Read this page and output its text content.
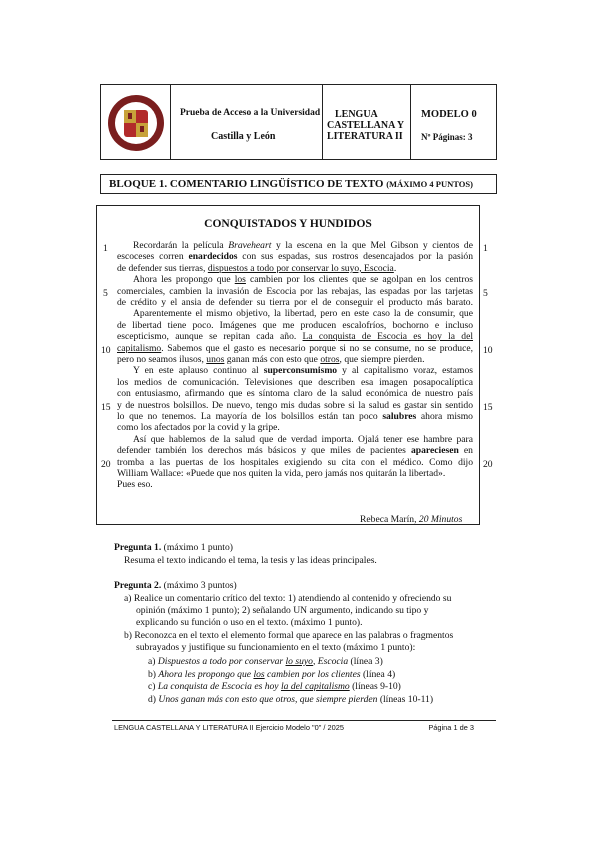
Prueba de Acceso a la Universidad
Castilla y León
LENGUA
CASTELLANA Y
LITERATURA II
MODELO 0
Nº Páginas: 3
BLOQUE 1. COMENTARIO LINGÜÍSTICO DE TEXTO (MÁXIMO 4 PUNTOS)
CONQUISTADOS Y HUNDIDOS
1
5
10
15
20
1
5
10
15
20
Recordarán la película Braveheart y la escena en la que Mel Gibson y cientos de
escoceses corren enardecidos con sus espadas, sus rostros desencajados por la pasión
de defender sus tierras, dispuestos a todo por conservar lo suyo, Escocia.
Ahora les propongo que los cambien por los clientes que se agolpan en los centros
comerciales, cambien la invasión de Escocia por las rebajas, las espadas por las tarjetas
de crédito y el ansia de defender su tierra por el de conseguir el producto más barato.
Aparentemente el mismo objetivo, la libertad, pero en este caso la de consumir, que
de libertad tiene poco. Imágenes que me producen escalofríos, bochorno e incluso
escepticismo, aunque se repitan cada año. La conquista de Escocia es hoy la del
capitalismo. Sabemos que el gasto es necesario porque si no se consume, no se produce,
pero no seamos ilusos, unos ganan más con esto que otros, que siempre pierden.
Y en este aplauso continuo al superconsumismo y al capitalismo voraz, estamos
los medios de comunicación. Televisiones que describen esa imagen posapocalíptica
con entusiasmo, afirmando que es síntoma claro de la salud económica de nuestro país
y de nuestros bolsillos. De nuevo, tengo mis dudas sobre si la salud es gastar sin sentido
lo que no tenemos. La mayoría de los bolsillos están tan poco salubres ahora mismo
como los afectados por la covid y la gripe.
Así que hablemos de la salud que de verdad importa. Ojalá tener ese hambre para
defender también los derechos más básicos y que miles de pacientes apareciesen en
tromba a las puertas de los hospitales exigiendo su cita con el médico. Como dijo
William Wallace: «Puede que nos quiten la vida, pero jamás nos quitarán la libertad».
Pues eso.
Rebeca Marín, 20 Minutos
Pregunta 1. (máximo 1 punto)
Resuma el texto indicando el tema, la tesis y las ideas principales.
Pregunta 2. (máximo 3 puntos)
a) Realice un comentario crítico del texto: 1) atendiendo al contenido y ofreciendo su
opinión (máximo 1 punto); 2) señalando UN argumento, indicando su tipo y
explicando su función o uso en el texto. (máximo 1 punto).
b) Reconozca en el texto el elemento formal que aparece en las palabras o fragmentos
subrayados y justifique su funcionamiento en el texto (máximo 1 punto):
a) Dispuestos a todo por conservar lo suyo, Escocia (línea 3)
b) Ahora les propongo que los cambien por los clientes (línea 4)
c) La conquista de Escocia es hoy la del capitalismo (líneas 9-10)
d) Unos ganan más con esto que otros, que siempre pierden (líneas 10-11)
LENGUA CASTELLANA Y LITERATURA II Ejercicio Modelo "0" / 2025	Página 1 de 3
